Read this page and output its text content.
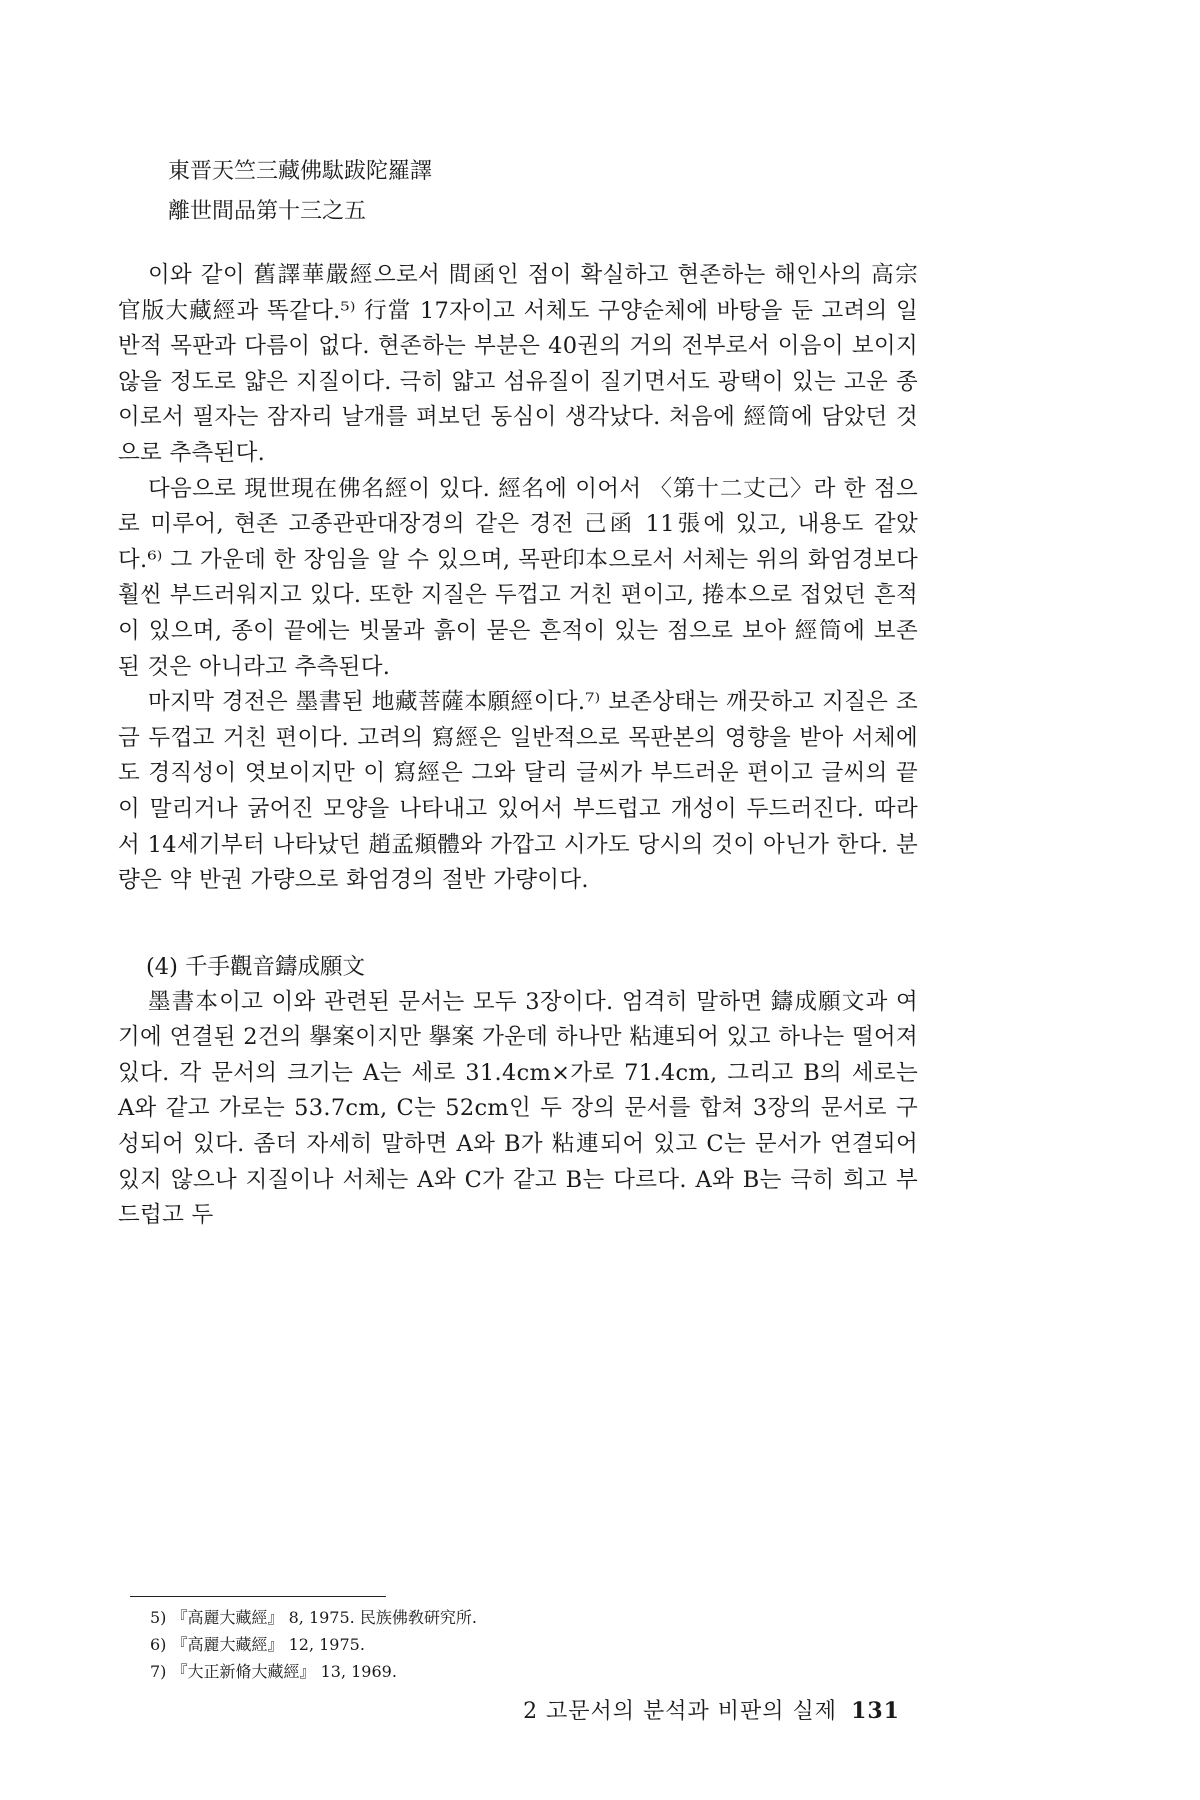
東晋天竺三藏佛駄跋陀羅譯
離世間品第十三之五

이와 같이 舊譯華嚴經으로서 間函인 점이 확실하고 현존하는 해인사의 高宗官版大藏經과 똑같다.⁵⁾ 行當 17자이고 서체도 구양순체에 바탕을 둔 고려의 일반적 목판과 다름이 없다. 현존하는 부분은 40권의 거의 전부로서 이음이 보이지 않을 정도로 얇은 지질이다. 극히 얇고 섬유질이 질기면서도 광택이 있는 고운 종이로서 필자는 잠자리 날개를 펴보던 동심이 생각났다. 처음에 經筒에 담았던 것으로 추측된다.

다음으로 現世現在佛名經이 있다. 經名에 이어서 〈第十二丈己〉라 한 점으로 미루어, 현존 고종관판대장경의 같은 경전 己函 11張에 있고, 내용도 같았다.⁶⁾ 그 가운데 한 장임을 알 수 있으며, 목판印本으로서 서체는 위의 화엄경보다 훨씬 부드러워지고 있다. 또한 지질은 두껍고 거친 편이고, 捲本으로 접었던 흔적이 있으며, 종이 끝에는 빗물과 흙이 묻은 흔적이 있는 점으로 보아 經筒에 보존된 것은 아니라고 추측된다.

마지막 경전은 墨書된 地藏菩薩本願經이다.⁷⁾ 보존상태는 깨끗하고 지질은 조금 두껍고 거친 편이다. 고려의 寫經은 일반적으로 목판본의 영향을 받아 서체에도 경직성이 엿보이지만 이 寫經은 그와 달리 글씨가 부드러운 편이고 글씨의 끝이 말리거나 굵어진 모양을 나타내고 있어서 부드럽고 개성이 두드러진다. 따라서 14세기부터 나타났던 趙孟頫體와 가깝고 시가도 당시의 것이 아닌가 한다. 분량은 약 반권 가량으로 화엄경의 절반 가량이다.

(4) 千手觀音鑄成願文

墨書本이고 이와 관련된 문서는 모두 3장이다. 엄격히 말하면 鑄成願文과 여기에 연결된 2건의 擧案이지만 擧案 가운데 하나만 粘連되어 있고 하나는 떨어져 있다. 각 문서의 크기는 A는 세로 31.4cm×가로 71.4cm, 그리고 B의 세로는 A와 같고 가로는 53.7cm, C는 52cm인 두 장의 문서를 합쳐 3장의 문서로 구성되어 있다. 좀더 자세히 말하면 A와 B가 粘連되어 있고 C는 문서가 연결되어 있지 않으나 지질이나 서체는 A와 C가 같고 B는 다르다. A와 B는 극히 희고 부드럽고 두

5) 『高麗大藏經』 8, 1975. 民族佛敎硏究所.
6) 『高麗大藏經』 12, 1975.
7) 『大正新脩大藏經』 13, 1969.
2 고문서의 분석과 비판의 실제 131
